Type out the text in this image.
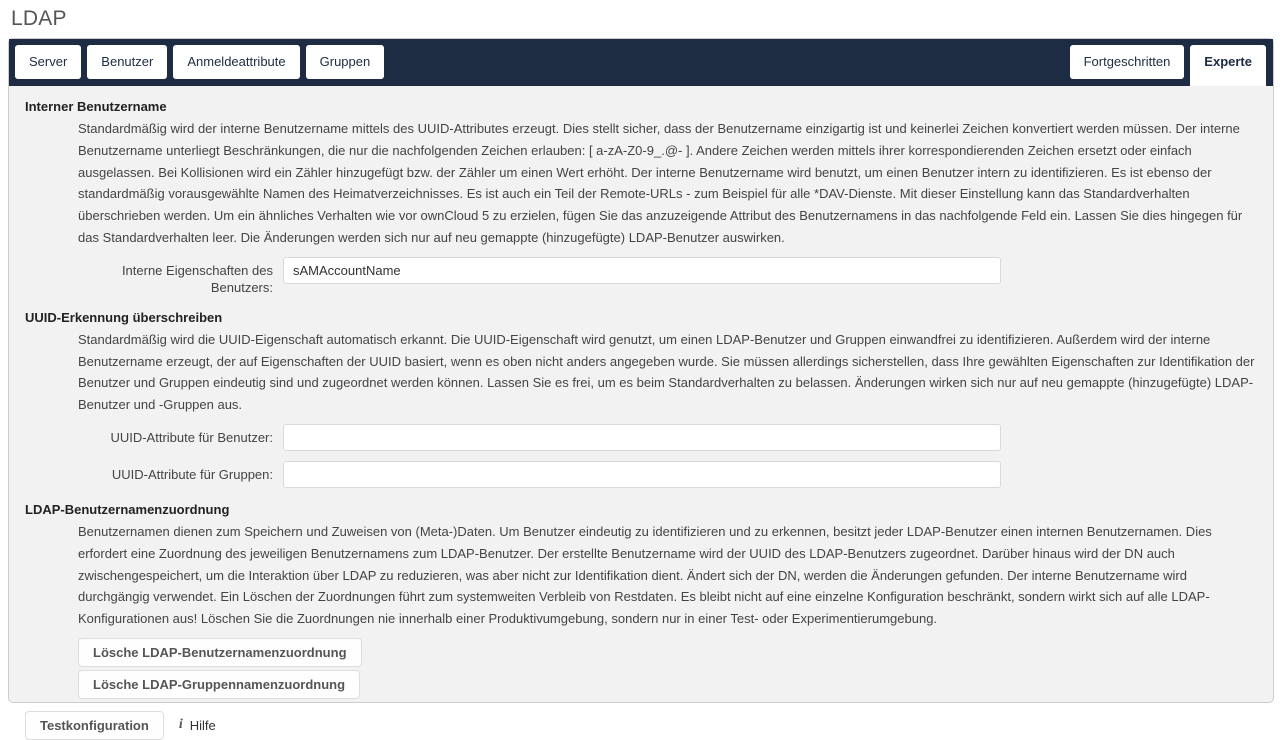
LDAP
Server	Benutzer	Anmeldeattribute	Gruppen	Fortgeschritten	Experte
Interner Benutzername

Standardmäßig wird der interne Benutzername mittels des UUID-Attributes erzeugt. Dies stellt sicher, dass der Benutzername einzigartig ist und keinerlei Zeichen konvertiert werden müssen. Der interne Benutzername unterliegt Beschränkungen, die nur die nachfolgenden Zeichen erlauben: [ a-zA-Z0-9_.@- ]. Andere Zeichen werden mittels ihrer korrespondierenden Zeichen ersetzt oder einfach ausgelassen. Bei Kollisionen wird ein Zähler hinzugefügt bzw. der Zähler um einen Wert erhöht. Der interne Benutzername wird benutzt, um einen Benutzer intern zu identifizieren. Es ist ebenso der standardmäßig vorausgewählte Namen des Heimatverzeichnisses. Es ist auch ein Teil der Remote-URLs - zum Beispiel für alle *DAV-Dienste. Mit dieser Einstellung kann das Standardverhalten überschrieben werden. Um ein ähnliches Verhalten wie vor ownCloud 5 zu erzielen, fügen Sie das anzuzeigende Attribut des Benutzernamens in das nachfolgende Feld ein. Lassen Sie dies hingegen für das Standardverhalten leer. Die Änderungen werden sich nur auf neu gemappte (hinzugefügte) LDAP-Benutzer auswirken.

Interne Eigenschaften des Benutzers:
sAMAccountName
UUID-Erkennung überschreiben

Standardmäßig wird die UUID-Eigenschaft automatisch erkannt. Die UUID-Eigenschaft wird genutzt, um einen LDAP-Benutzer und Gruppen einwandfrei zu identifizieren. Außerdem wird der interne Benutzername erzeugt, der auf Eigenschaften der UUID basiert, wenn es oben nicht anders angegeben wurde. Sie müssen allerdings sicherstellen, dass Ihre gewählten Eigenschaften zur Identifikation der Benutzer und Gruppen eindeutig sind und zugeordnet werden können. Lassen Sie es frei, um es beim Standardverhalten zu belassen. Änderungen wirken sich nur auf neu gemappte (hinzugefügte) LDAP-Benutzer und -Gruppen aus.

UUID-Attribute für Benutzer:
UUID-Attribute für Gruppen:
LDAP-Benutzernamenzuordnung

Benutzernamen dienen zum Speichern und Zuweisen von (Meta-)Daten. Um Benutzer eindeutig zu identifizieren und zu erkennen, besitzt jeder LDAP-Benutzer einen internen Benutzernamen. Dies erfordert eine Zuordnung des jeweiligen Benutzernamens zum LDAP-Benutzer. Der erstellte Benutzername wird der UUID des LDAP-Benutzers zugeordnet. Darüber hinaus wird der DN auch zwischengespeichert, um die Interaktion über LDAP zu reduzieren, was aber nicht zur Identifikation dient. Ändert sich der DN, werden die Änderungen gefunden. Der interne Benutzername wird durchgängig verwendet. Ein Löschen der Zuordnungen führt zum systemweiten Verbleib von Restdaten. Es bleibt nicht auf eine einzelne Konfiguration beschränkt, sondern wirkt sich auf alle LDAP-Konfigurationen aus! Löschen Sie die Zuordnungen nie innerhalb einer Produktivumgebung, sondern nur in einer Test- oder Experimentierumgebung.

Lösche LDAP-Benutzernamenzuordnung
Lösche LDAP-Gruppennamenzuordnung
Testkonfiguration	i Hilfe
